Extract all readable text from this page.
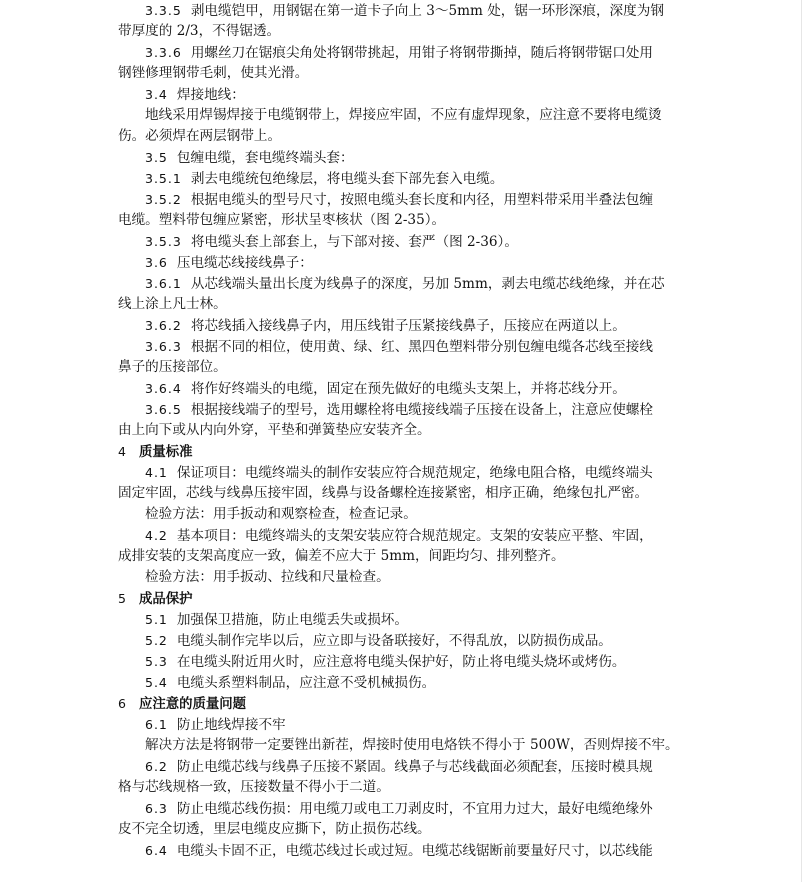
3.3.5 剥电缆铠甲，用钢锯在第一道卡子向上 3～5mm 处，锯一环形深痕，深度为钢
带厚度的 2/3，不得锯透。
3.3.6 用螺丝刀在锯痕尖角处将钢带挑起，用钳子将钢带撕掉，随后将钢带锯口处用
钢锉修理钢带毛刺，使其光滑。
3.4 焊接地线：
地线采用焊锡焊接于电缆钢带上，焊接应牢固，不应有虚焊现象，应注意不要将电缆烫
伤。必须焊在两层钢带上。
3.5 包缠电缆，套电缆终端头套：
3.5.1 剥去电缆统包绝缘层，将电缆头套下部先套入电缆。
3.5.2 根据电缆头的型号尺寸，按照电缆头套长度和内径，用塑料带采用半叠法包缠
电缆。塑料带包缠应紧密，形状呈枣核状（图 2-35）。
3.5.3 将电缆头套上部套上，与下部对接、套严（图 2-36）。
3.6 压电缆芯线接线鼻子：
3.6.1 从芯线端头量出长度为线鼻子的深度，另加 5mm，剥去电缆芯线绝缘，并在芯
线上涂上凡士林。
3.6.2 将芯线插入接线鼻子内，用压线钳子压紧接线鼻子，压接应在两道以上。
3.6.3 根据不同的相位，使用黄、绿、红、黑四色塑料带分别包缠电缆各芯线至接线
鼻子的压接部位。
3.6.4 将作好终端头的电缆，固定在预先做好的电缆头支架上，并将芯线分开。
3.6.5 根据接线端子的型号，选用螺栓将电缆接线端子压接在设备上，注意应使螺栓
由上向下或从内向外穿，平垫和弹簧垫应安装齐全。
4 质量标准
4.1 保证项目：电缆终端头的制作安装应符合规范规定，绝缘电阻合格，电缆终端头
固定牢固，芯线与线鼻压接牢固，线鼻与设备螺栓连接紧密，相序正确，绝缘包扎严密。
检验方法：用手扳动和观察检查，检查记录。
4.2 基本项目：电缆终端头的支架安装应符合规范规定。支架的安装应平整、牢固，
成排安装的支架高度应一致，偏差不应大于 5mm，间距均匀、排列整齐。
检验方法：用手扳动、拉线和尺量检查。
5 成品保护
5.1 加强保卫措施，防止电缆丢失或损坏。
5.2 电缆头制作完毕以后，应立即与设备联接好，不得乱放，以防损伤成品。
5.3 在电缆头附近用火时，应注意将电缆头保护好，防止将电缆头烧坏或烤伤。
5.4 电缆头系塑料制品，应注意不受机械损伤。
6 应注意的质量问题
6.1 防止地线焊接不牢
解决方法是将钢带一定要锉出新茬，焊接时使用电烙铁不得小于 500W，否则焊接不牢。
6.2 防止电缆芯线与线鼻子压接不紧固。线鼻子与芯线截面必须配套，压接时模具规
格与芯线规格一致，压接数量不得小于二道。
6.3 防止电缆芯线伤损：用电缆刀或电工刀剥皮时，不宜用力过大，最好电缆绝缘外
皮不完全切透，里层电缆皮应撕下，防止损伤芯线。
6.4 电缆头卡固不正，电缆芯线过长或过短。电缆芯线锯断前要量好尺寸，以芯线能
